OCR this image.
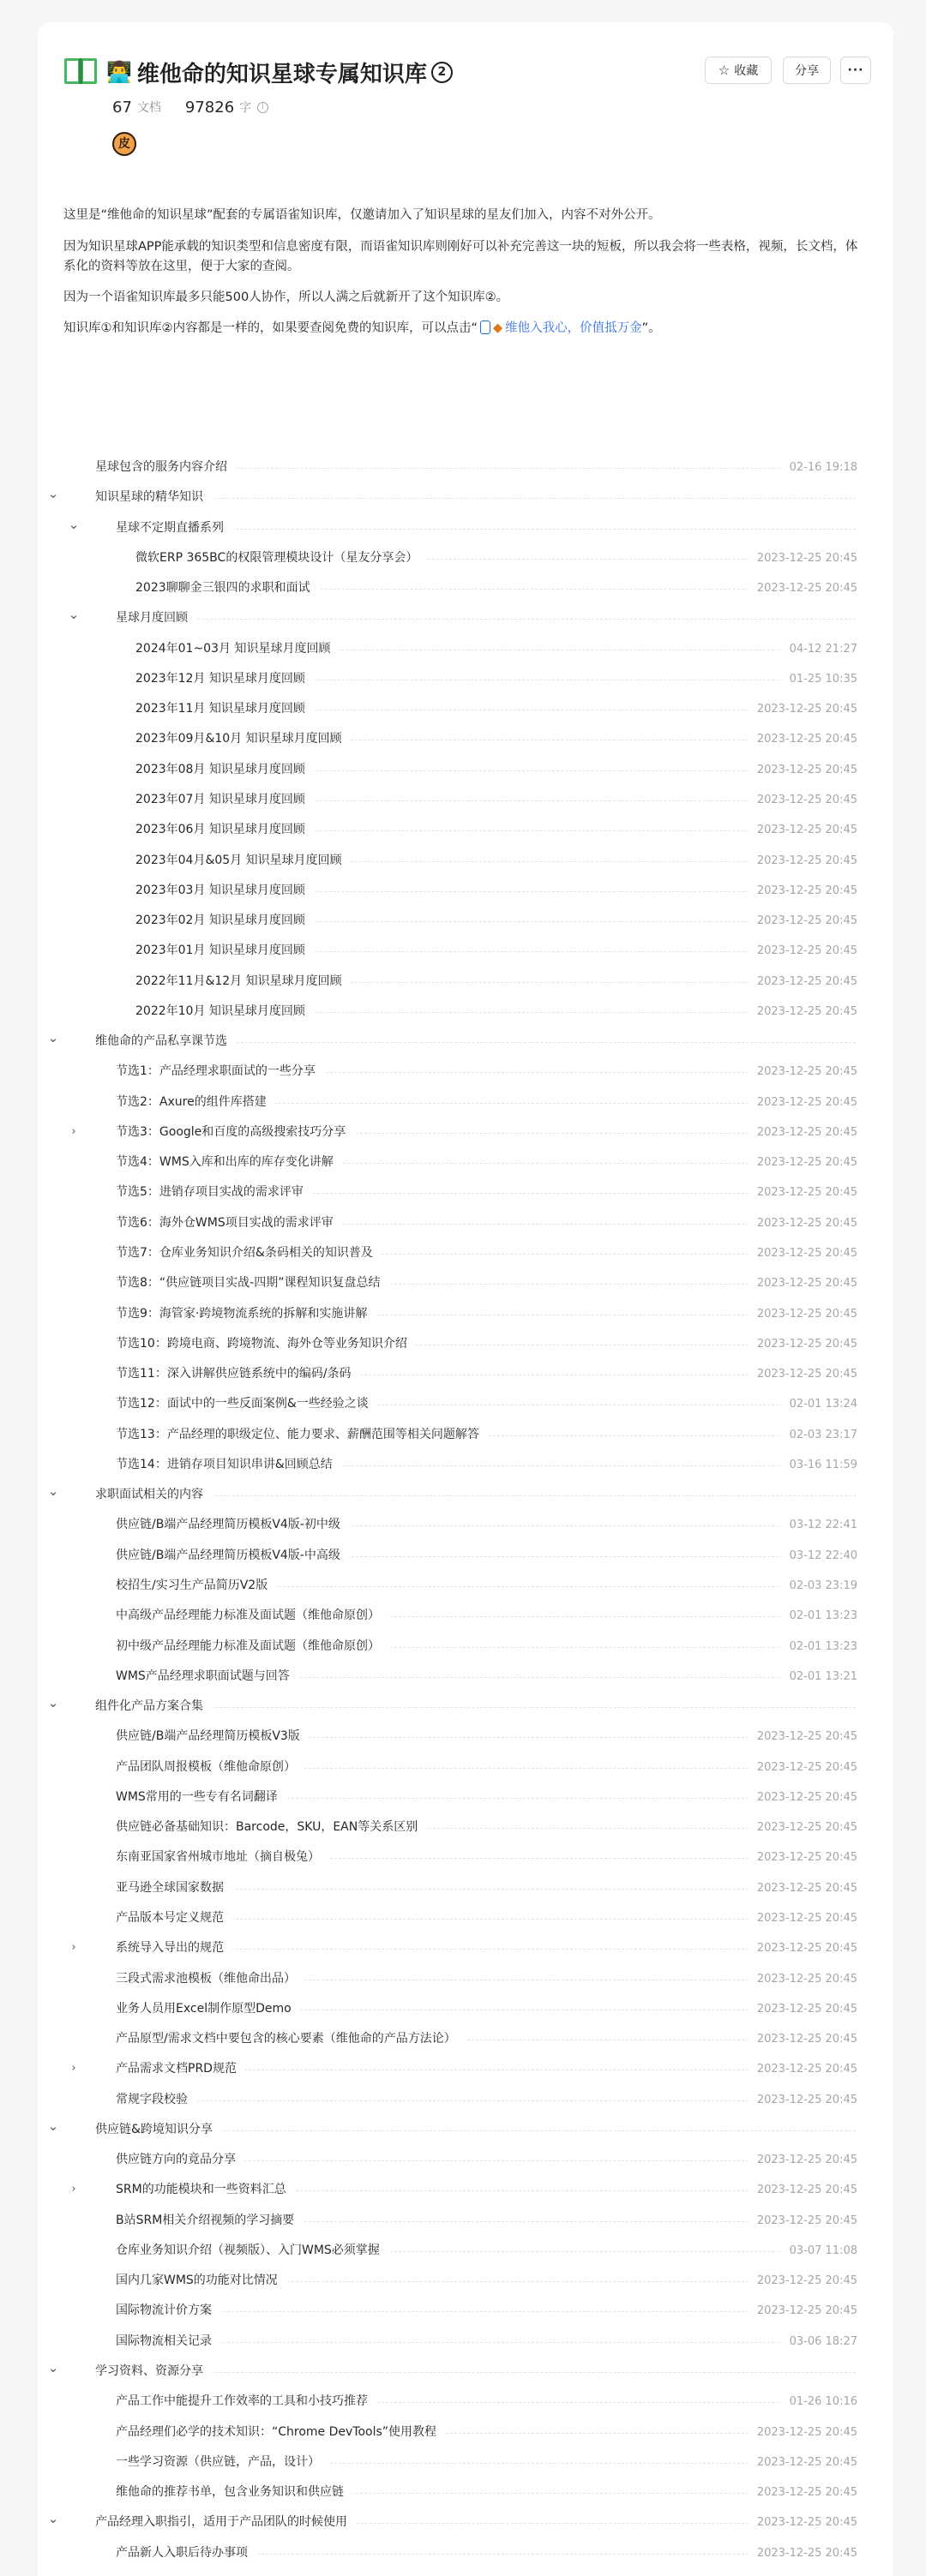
👨‍💻 维他命的知识星球专属知识库 2	☆ 收藏	分享 ···
67 文档 97826 字	i
皮

这里是“维他命的知识星球”配套的专属语雀知识库，仅邀请加入了知识星球的星友们加入，内容不对外公开。

因为知识星球APP能承载的知识类型和信息密度有限，而语雀知识库则刚好可以补充完善这一块的短板，所以我会将一些表格，视频，长文档，体系化的资料等放在这里，便于大家的查阅。

因为一个语雀知识库最多只能500人协作，所以人满之后就新开了这个知识库②。

知识库①和知识库②内容都是一样的，如果要查阅免费的知识库，可以点击“ ◆ 维他入我心，价值抵万金”。

星球包含的服务内容介绍	02-16 19:18
⌄	知识星球的精华知识
⌄	星球不定期直播系列
微软ERP 365BC的权限管理模块设计（星友分享会）	2023-12-25 20:45
2023聊聊金三银四的求职和面试	2023-12-25 20:45
⌄	星球月度回顾
2024年01~03月 知识星球月度回顾	04-12 21:27
2023年12月 知识星球月度回顾	01-25 10:35
2023年11月 知识星球月度回顾	2023-12-25 20:45
2023年09月&10月 知识星球月度回顾	2023-12-25 20:45
2023年08月 知识星球月度回顾	2023-12-25 20:45
2023年07月 知识星球月度回顾	2023-12-25 20:45
2023年06月 知识星球月度回顾	2023-12-25 20:45
2023年04月&05月 知识星球月度回顾	2023-12-25 20:45
2023年03月 知识星球月度回顾	2023-12-25 20:45
2023年02月 知识星球月度回顾	2023-12-25 20:45
2023年01月 知识星球月度回顾	2023-12-25 20:45
2022年11月&12月 知识星球月度回顾	2023-12-25 20:45
2022年10月 知识星球月度回顾	2023-12-25 20:45
⌄	维他命的产品私享课节选
节选1：产品经理求职面试的一些分享	2023-12-25 20:45
节选2：Axure的组件库搭建	2023-12-25 20:45
›	节选3：Google和百度的高级搜索技巧分享	2023-12-25 20:45
节选4：WMS入库和出库的库存变化讲解	2023-12-25 20:45
节选5：进销存项目实战的需求评审	2023-12-25 20:45
节选6：海外仓WMS项目实战的需求评审	2023-12-25 20:45
节选7：仓库业务知识介绍&条码相关的知识普及	2023-12-25 20:45
节选8：“供应链项目实战-四期”课程知识复盘总结	2023-12-25 20:45
节选9：海管家·跨境物流系统的拆解和实施讲解	2023-12-25 20:45
节选10：跨境电商、跨境物流、海外仓等业务知识介绍	2023-12-25 20:45
节选11：深入讲解供应链系统中的编码/条码	2023-12-25 20:45
节选12：面试中的一些反面案例&一些经验之谈	02-01 13:24
节选13：产品经理的职级定位、能力要求、薪酬范围等相关问题解答	02-03 23:17
节选14：进销存项目知识串讲&回顾总结	03-16 11:59
⌄	求职面试相关的内容
供应链/B端产品经理简历模板V4版-初中级	03-12 22:41
供应链/B端产品经理简历模板V4版-中高级	03-12 22:40
校招生/实习生产品简历V2版	02-03 23:19
中高级产品经理能力标准及面试题（维他命原创）	02-01 13:23
初中级产品经理能力标准及面试题（维他命原创）	02-01 13:23
WMS产品经理求职面试题与回答	02-01 13:21
⌄	组件化产品方案合集
供应链/B端产品经理简历模板V3版	2023-12-25 20:45
产品团队周报模板（维他命原创）	2023-12-25 20:45
WMS常用的一些专有名词翻译	2023-12-25 20:45
供应链必备基础知识：Barcode，SKU，EAN等关系区别	2023-12-25 20:45
东南亚国家省州城市地址（摘自极兔）	2023-12-25 20:45
亚马逊全球国家数据	2023-12-25 20:45
产品版本号定义规范	2023-12-25 20:45
›	系统导入导出的规范	2023-12-25 20:45
三段式需求池模板（维他命出品）	2023-12-25 20:45
业务人员用Excel制作原型Demo	2023-12-25 20:45
产品原型/需求文档中要包含的核心要素（维他命的产品方法论）	2023-12-25 20:45
›	产品需求文档PRD规范	2023-12-25 20:45
常规字段校验	2023-12-25 20:45
⌄	供应链&跨境知识分享
供应链方向的竟品分享	2023-12-25 20:45
›	SRM的功能模块和一些资料汇总	2023-12-25 20:45
B站SRM相关介绍视频的学习摘要	2023-12-25 20:45
仓库业务知识介绍（视频版）、入门WMS必须掌握	03-07 11:08
国内几家WMS的功能对比情况	2023-12-25 20:45
国际物流计价方案	2023-12-25 20:45
国际物流相关记录	03-06 18:27
⌄	学习资料、资源分享
产品工作中能提升工作效率的工具和小技巧推荐	01-26 10:16
产品经理们必学的技术知识：“Chrome DevTools”使用教程	2023-12-25 20:45
一些学习资源（供应链，产品，设计）	2023-12-25 20:45
维他命的推荐书单，包含业务知识和供应链	2023-12-25 20:45
⌄	产品经理入职指引，适用于产品团队的时候使用	2023-12-25 20:45
产品新人入职后待办事项	2023-12-25 20:45
